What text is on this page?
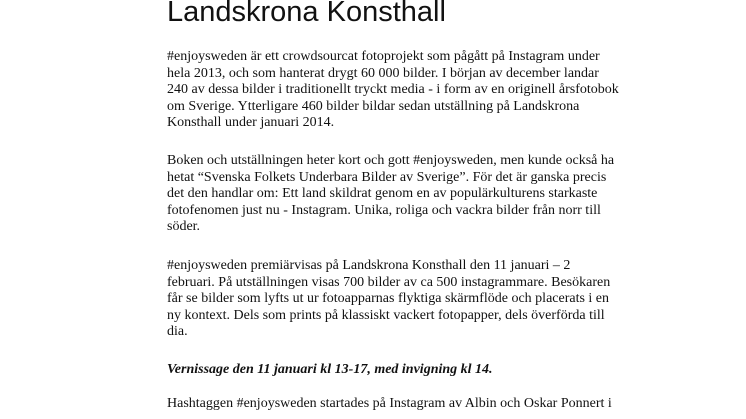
Landskrona Konsthall

#enjoysweden är ett crowdsourcat fotoprojekt som pågått på Instagram under
hela 2013, och som hanterat drygt 60 000 bilder. I början av december landar
240 av dessa bilder i traditionellt tryckt media - i form av en originell årsfotobok
om Sverige. Ytterligare 460 bilder bildar sedan utställning på Landskrona
Konsthall under januari 2014.

Boken och utställningen heter kort och gott #enjoysweden, men kunde också ha
hetat “Svenska Folkets Underbara Bilder av Sverige”. För det är ganska precis
det den handlar om: Ett land skildrat genom en av populärkulturens starkaste
fotofenomen just nu - Instagram. Unika, roliga och vackra bilder från norr till
söder.

#enjoysweden premiärvisas på Landskrona Konsthall den 11 januari – 2
februari. På utställningen visas 700 bilder av ca 500 instagrammare. Besökaren
får se bilder som lyfts ut ur fotoapparnas flyktiga skärmflöde och placerats i en
ny kontext. Dels som prints på klassiskt vackert fotopapper, dels överförda till
dia.

Vernissage den 11 januari kl 13-17, med invigning kl 14.

Hashtaggen #enjoysweden startades på Instagram av Albin och Oskar Ponnert i
